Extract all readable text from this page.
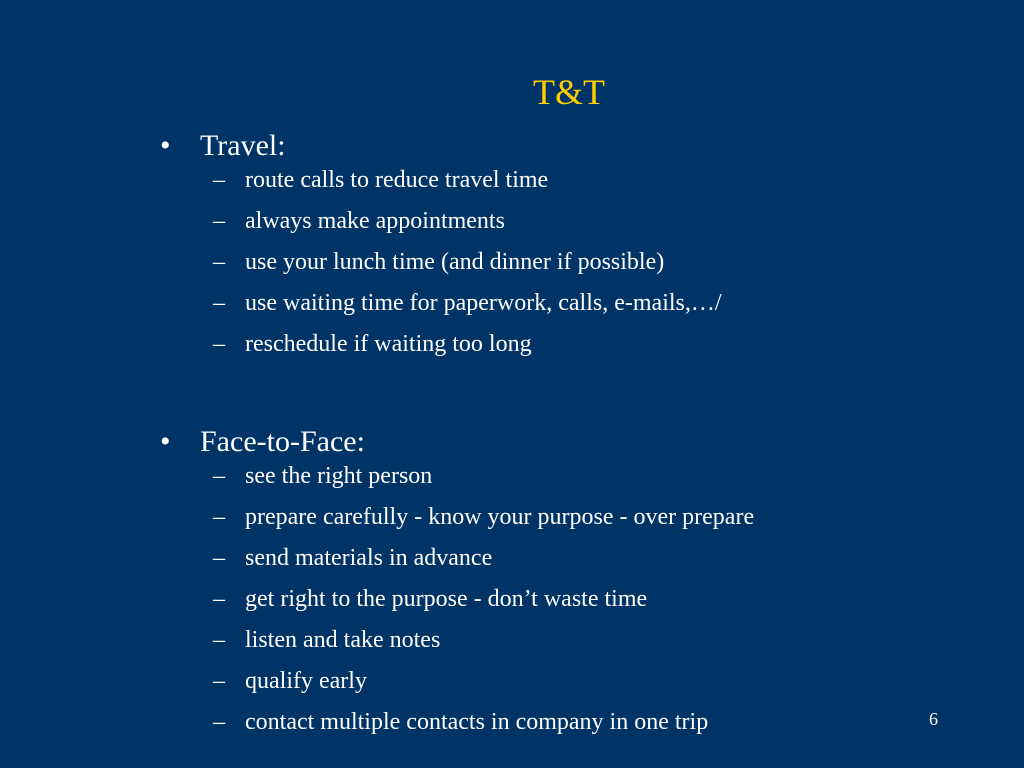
T&T
• Travel:
– route calls to reduce travel time
– always make appointments
– use your lunch time (and dinner if possible)
– use waiting time for paperwork, calls, e-mails,…/
– reschedule if waiting too long
• Face-to-Face:
– see the right person
– prepare carefully - know your purpose - over prepare
– send materials in advance
– get right to the purpose - don’t waste time
– listen and take notes
– qualify early
– contact multiple contacts in company in one trip	6
